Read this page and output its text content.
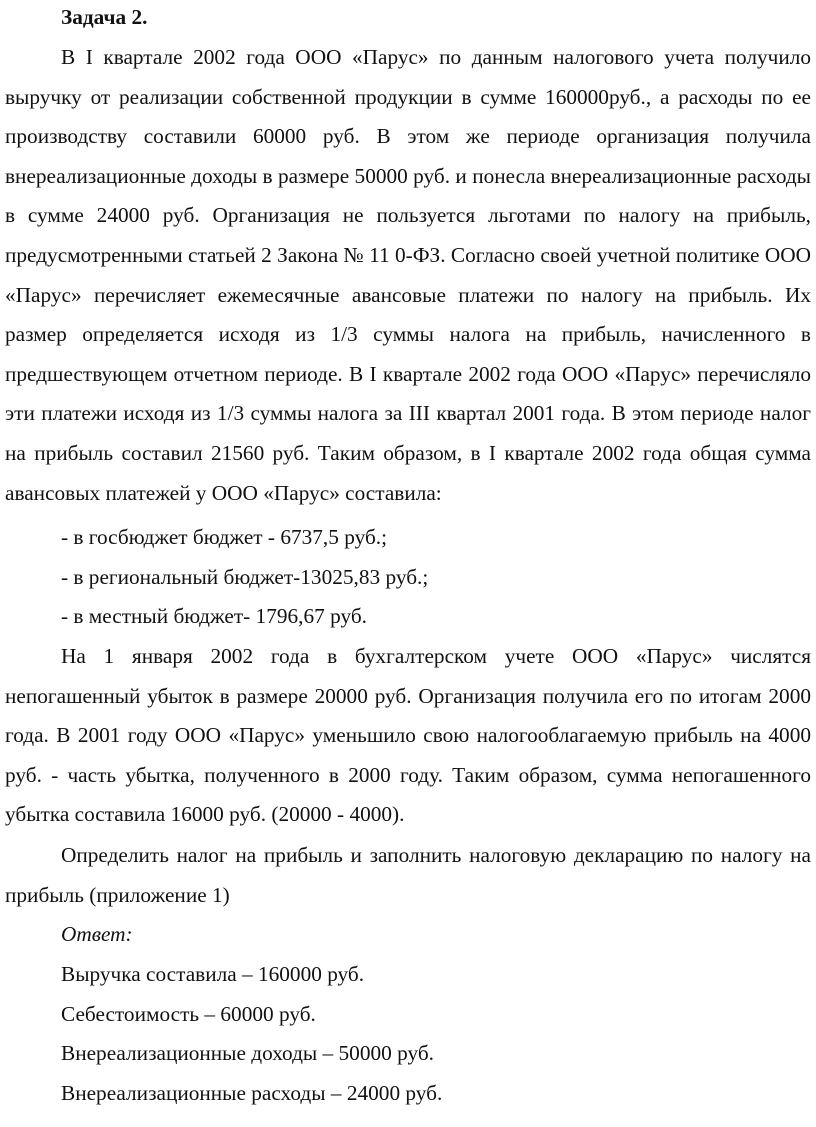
Задача 2.

В I квартале 2002 года ООО «Парус» по данным налогового учета получило выручку от реализации собственной продукции в сумме 160000руб., а расходы по ее производству составили 60000 руб. В этом же периоде организация получила внереализационные доходы в размере 50000 руб. и понесла внереализационные расходы в сумме 24000 руб. Организация не пользуется льготами по налогу на прибыль, предусмотренными статьей 2 Закона № 11 0-ФЗ. Согласно своей учетной политике ООО «Парус» перечисляет ежемесячные авансовые платежи по налогу на прибыль. Их размер определяется исходя из 1/3 суммы налога на прибыль, начисленного в предшествующем отчетном периоде. В I квартале 2002 года ООО «Парус» перечисляло эти платежи исходя из 1/3 суммы налога за III квартал 2001 года. В этом периоде налог на прибыль составил 21560 руб. Таким образом, в I квартале 2002 года общая сумма авансовых платежей у ООО «Парус» составила:

- в госбюджет бюджет - 6737,5 руб.;

- в региональный бюджет-13025,83 руб.;

- в местный бюджет- 1796,67 руб.

На 1 января 2002 года в бухгалтерском учете ООО «Парус» числятся непогашенный убыток в размере 20000 руб. Организация получила его по итогам 2000 года. В 2001 году ООО «Парус» уменьшило свою налогооблагаемую прибыль на 4000 руб. - часть убытка, полученного в 2000 году. Таким образом, сумма непогашенного убытка составила 16000 руб. (20000 - 4000).

Определить налог на прибыль и заполнить налоговую декларацию по налогу на прибыль (приложение 1)

Ответ:

Выручка составила – 160000 руб.

Себестоимость – 60000 руб.

Внереализационные доходы – 50000 руб.

Внереализационные расходы – 24000 руб.
